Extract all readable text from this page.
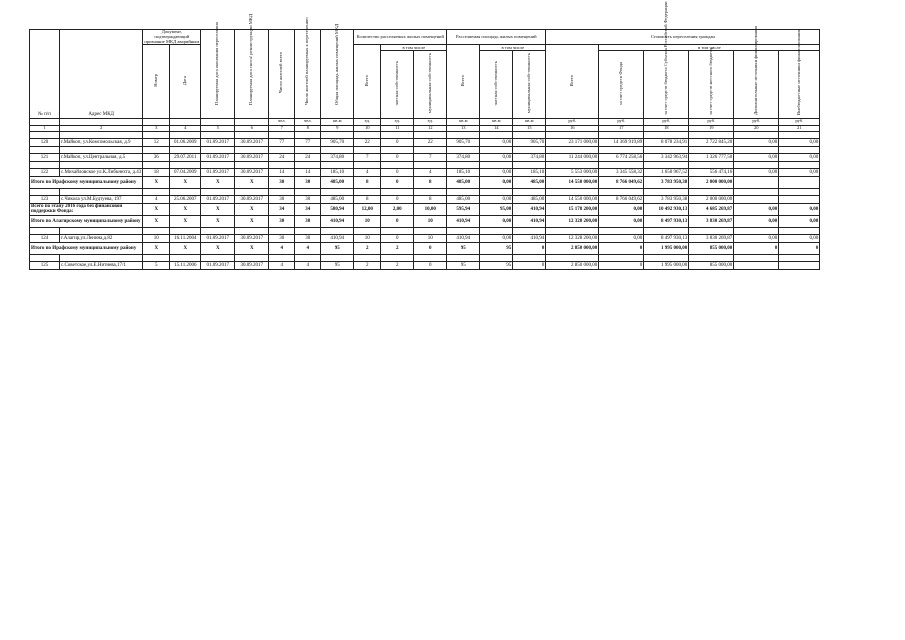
№ п/п	Адрес МКД	Документ, подтверждающий признание МКД аварийным		Планируемая дата окончания переселения	Планируемая дата сноса/ реконструкции МКД	Число жителей всего	Число жителей планируемых к переселению	Общая площадь жилых помещений МКД	Количество расселяемых жилых помещений			Расселяемая площадь жилых помещений			Стоимость переселения граждан					
		Номер	Дата						Всего	в том числе		Всего	в том числе		Всего	в том числе				
										частная собственность	муниципальная собственность		частная собственность	муниципальная собственность		за счет средств Фонда	за счет средств бюджета Субъекта Российской Федерации	за счет средств местного бюджета	Дополнительные источники финансирования	Внебюджетные источники финансирования
						чел.	чел.	кв.м	ед.	ед.	ед.	кв.м	кв.м	кв.м	руб.	руб.	руб.	руб.	руб.	руб.
1	2	3	4	5	6	7	8	9	10	11	12	13	14	15	16	17	18	19	20	21

120	г.Майкоп, ул.Комсомольская, д.9	12	01.06.2009	01.09.2017	30.09.2017	77	77	905,70	22	0	22	905,70	0,00	905,70	23 171 000,00	14 369 919,89	8 078 234,91	2 722 845,20	0,00	0,00

121	г.Майкоп, ул.Центральная, д.5	36	29.07.2011	01.09.2017	30.09.2017	24	24	374,80	7	0	7	374,80	0,00	374,80	11 244 000,00	6 774 258,56	3 342 963,94	1 326 777,50	0,00	0,00

122	с.Михайловское ул.К.Либкнехта, д.43	18	07.04.2009	01.09.2017	30.09.2017	14	14	185,10	4	0	4	185,10	0,00	185,10	5 553 000,00	3 345 558,32	1 650 967,52	556 474,16	0,00	0,00
Итого по Ирафскому муниципальному району		X	X	X	X	30	30	485,00	8	0	8	485,00	0,00	485,00	14 550 000,00	8 766 049,62	3 783 950,38	2 000 000,00		

123	с.Чикола ул.М.Будтуева, 197	4	25.06.2007	01.09.2017	30.09.2017	30	30	485,00	8	0	8	485,00	0,00	485,00	14 550 000,00	8 766 049,62	3 783 950,38	2 000 000,00		
Всего по этапу 2016 года без финансовой поддержки Фонда:		X	X	X	X	34	34	580,94	12,00	2,00	10,00	595,94	95,00	410,94	15 178 200,00	0,00	10 492 930,13	4 685 269,87	0,00	0,00
Итого по Алагирскому муниципальному району		X	X	X	X	30	30	410,94	10	0	10	410,94	0,00	410,94	12 328 200,00	0,00	8 497 930,13	3 830 269,87	0,00	0,00

124	г.Алагир,ул.Ленина,д.82	10	16.11.2004	01.09.2017	30.09.2017	30	30	410,94	10	0	10	410,94	0,00	410,94	12 328 200,00	0,00	8 497 930,13	3 830 269,87	0,00	0,00
Итого по Ирафскому муниципальному району		X	X	X	X	4	4	95	2	2	0	95	95	0	2 850 000,00	0	1 995 000,00	855 000,00	0	0

125	с.Советское,ул.Е.Нитиева,17/1	5	15.11.2006	01.09.2017	30.09.2017	4	4	95	2	2	0	95	95	0	2 850 000,00	0	1 995 000,00	855 000,00		
